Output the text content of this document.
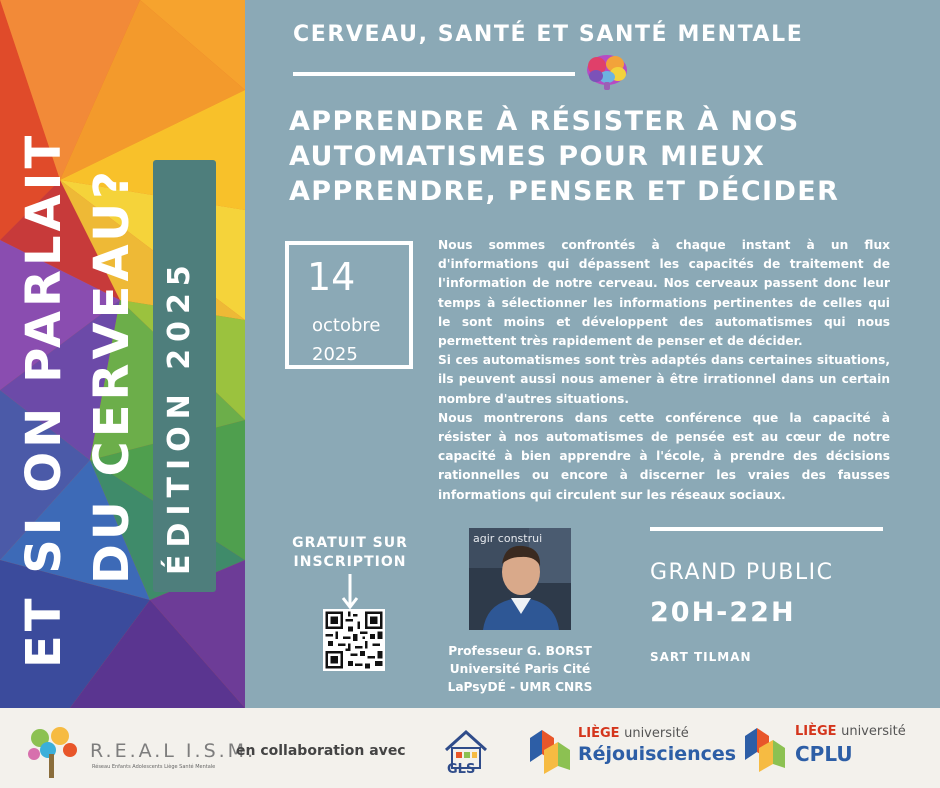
ET SI ON PARLAIT DU CERVEAU? ÉDITION 2025
CERVEAU, SANTÉ ET SANTÉ MENTALE
APPRENDRE À RÉSISTER À NOS
AUTOMATISMES POUR MIEUX
APPRENDRE, PENSER ET DÉCIDER
14
octobre
2025

Nous sommes confrontés à chaque instant à un flux d'informations qui dépassent les capacités de traitement de l'information de notre cerveau. Nos cerveaux passent donc leur temps à sélectionner les informations pertinentes de celles qui le sont moins et développent des automatismes qui nous permettent très rapidement de penser et de décider.

Si ces automatismes sont très adaptés dans certaines situations, ils peuvent aussi nous amener à être irrationnel dans un certain nombre d'autres situations.

Nous montrerons dans cette conférence que la capacité à résister à nos automatismes de pensée est au cœur de notre capacité à bien apprendre à l'école, à prendre des décisions rationnelles ou encore à discerner les vraies des fausses informations qui circulent sur les réseaux sociaux.

GRATUIT SUR
INSCRIPTION
agir construi
Professeur G. BORST
Université Paris Cité
LaPsyDÉ - UMR CNRS
GRAND PUBLIC
20H-22H
SART TILMAN
R.E.A.L I.S.M.
Réseau Enfants Adolescents Liège Santé Mentale
en collaboration avec
GLS
LIÈGE université
Réjouisciences
LIÈGE université
CPLU
